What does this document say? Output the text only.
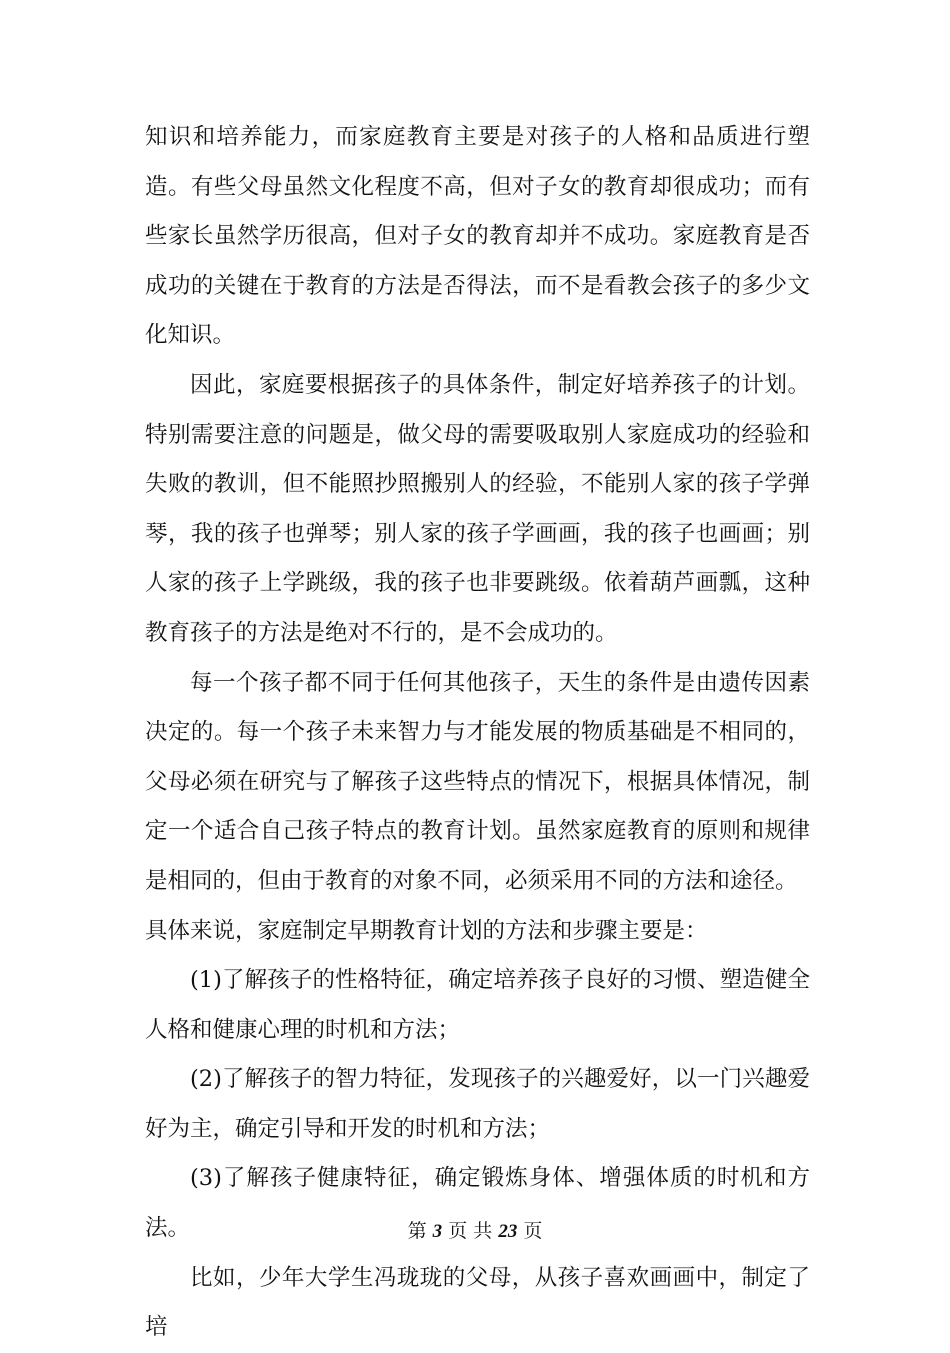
知识和培养能力，而家庭教育主要是对孩子的人格和品质进行塑造。有些父母虽然文化程度不高，但对子女的教育却很成功；而有些家长虽然学历很高，但对子女的教育却并不成功。家庭教育是否成功的关键在于教育的方法是否得法，而不是看教会孩子的多少文化知识。

因此，家庭要根据孩子的具体条件，制定好培养孩子的计划。特别需要注意的问题是，做父母的需要吸取别人家庭成功的经验和失败的教训，但不能照抄照搬别人的经验，不能别人家的孩子学弹琴，我的孩子也弹琴；别人家的孩子学画画，我的孩子也画画；别人家的孩子上学跳级，我的孩子也非要跳级。依着葫芦画瓢，这种教育孩子的方法是绝对不行的，是不会成功的。

每一个孩子都不同于任何其他孩子，天生的条件是由遗传因素决定的。每一个孩子未来智力与才能发展的物质基础是不相同的，父母必须在研究与了解孩子这些特点的情况下，根据具体情况，制定一个适合自己孩子特点的教育计划。虽然家庭教育的原则和规律是相同的，但由于教育的对象不同，必须采用不同的方法和途径。

具体来说，家庭制定早期教育计划的方法和步骤主要是：

(1)了解孩子的性格特征，确定培养孩子良好的习惯、塑造健全人格和健康心理的时机和方法；

(2)了解孩子的智力特征，发现孩子的兴趣爱好，以一门兴趣爱好为主，确定引导和开发的时机和方法；

(3)了解孩子健康特征，确定锻炼身体、增强体质的时机和方法。

比如，少年大学生冯珑珑的父母，从孩子喜欢画画中，制定了培

第 3 页 共 23 页
